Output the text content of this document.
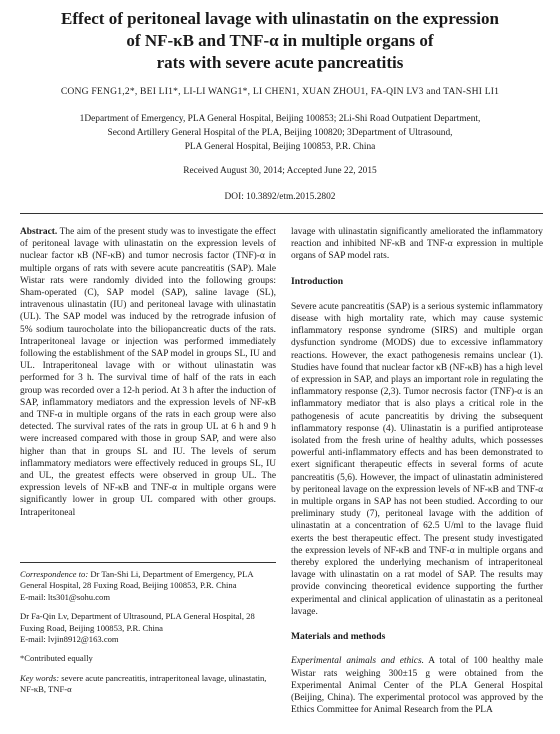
Effect of peritoneal lavage with ulinastatin on the expression
of NF-κB and TNF-α in multiple organs of
rats with severe acute pancreatitis
CONG FENG1,2*, BEI LI1*, LI-LI WANG1*, LI CHEN1, XUAN ZHOU1, FA-QIN LV3 and TAN-SHI LI1
1Department of Emergency, PLA General Hospital, Beijing 100853; 2Li-Shi Road Outpatient Department,
Second Artillery General Hospital of the PLA, Beijing 100820; 3Department of Ultrasound,
PLA General Hospital, Beijing 100853, P.R. China
Received August 30, 2014; Accepted June 22, 2015
DOI: 10.3892/etm.2015.2802

Abstract. The aim of the present study was to investigate the effect of peritoneal lavage with ulinastatin on the expression levels of nuclear factor κB (NF-κB) and tumor necrosis factor (TNF)-α in multiple organs of rats with severe acute pancreatitis (SAP). Male Wistar rats were randomly divided into the following groups: Sham-operated (C), SAP model (SAP), saline lavage (SL), intravenous ulinastatin (IU) and peritoneal lavage with ulinastatin (UL). The SAP model was induced by the retrograde infusion of 5% sodium taurocholate into the biliopancreatic ducts of the rats. Intraperitoneal lavage or injection was performed immediately following the establishment of the SAP model in groups SL, IU and UL. Intraperitoneal lavage with or without ulinastatin was performed for 3 h. The survival time of half of the rats in each group was recorded over a 12-h period. At 3 h after the induction of SAP, inflammatory mediators and the expression levels of NF-κB and TNF-α in multiple organs of the rats in each group were also detected. The survival rates of the rats in group UL at 6 h and 9 h were increased compared with those in group SAP, and were also higher than that in groups SL and IU. The levels of serum inflammatory mediators were effectively reduced in groups SL, IU and UL, the greatest effects were observed in group UL. The expression levels of NF-κB and TNF-α in multiple organs were significantly lower in group UL compared with other groups. Intraperitoneal

Correspondence to: Dr Tan-Shi Li, Department of Emergency, PLA General Hospital, 28 Fuxing Road, Beijing 100853, P.R. China

E-mail: lts301@sohu.com

Dr Fa-Qin Lv, Department of Ultrasound, PLA General Hospital, 28 Fuxing Road, Beijing 100853, P.R. China

E-mail: lvjin8912@163.com

*Contributed equally

Key words: severe acute pancreatitis, intraperitoneal lavage, ulinastatin, NF-κB, TNF-α

lavage with ulinastatin significantly ameliorated the inflammatory reaction and inhibited NF-κB and TNF-α expression in multiple organs of SAP model rats.

Introduction

Severe acute pancreatitis (SAP) is a serious systemic inflammatory disease with high mortality rate, which may cause systemic inflammatory response syndrome (SIRS) and multiple organ dysfunction syndrome (MODS) due to excessive inflammatory reactions. However, the exact pathogenesis remains unclear (1). Studies have found that nuclear factor κB (NF-κB) has a high level of expression in SAP, and plays an important role in regulating the inflammatory response (2,3). Tumor necrosis factor (TNF)-α is an inflammatory mediator that is also plays a critical role in the pathogenesis of acute pancreatitis by driving the subsequent inflammatory response (4). Ulinastatin is a purified antiprotease isolated from the fresh urine of healthy adults, which possesses powerful anti-inflammatory effects and has been demonstrated to exert significant therapeutic effects in several forms of acute pancreatitis (5,6). However, the impact of ulinastatin administered by peritoneal lavage on the expression levels of NF-κB and TNF-α in multiple organs in SAP has not been studied. According to our preliminary study (7), peritoneal lavage with the addition of ulinastatin at a concentration of 62.5 U/ml to the lavage fluid exerts the best therapeutic effect. The present study investigated the expression levels of NF-κB and TNF-α in multiple organs and thereby explored the underlying mechanism of intraperitoneal lavage with ulinastatin on a rat model of SAP. The results may provide convincing theoretical evidence supporting the further experimental and clinical application of ulinastatin as a peritoneal lavage.

Materials and methods

Experimental animals and ethics. A total of 100 healthy male Wistar rats weighing 300±15 g were obtained from the Experimental Animal Center of the PLA General Hospital (Beijing, China). The experimental protocol was approved by the Ethics Committee for Animal Research from the PLA
